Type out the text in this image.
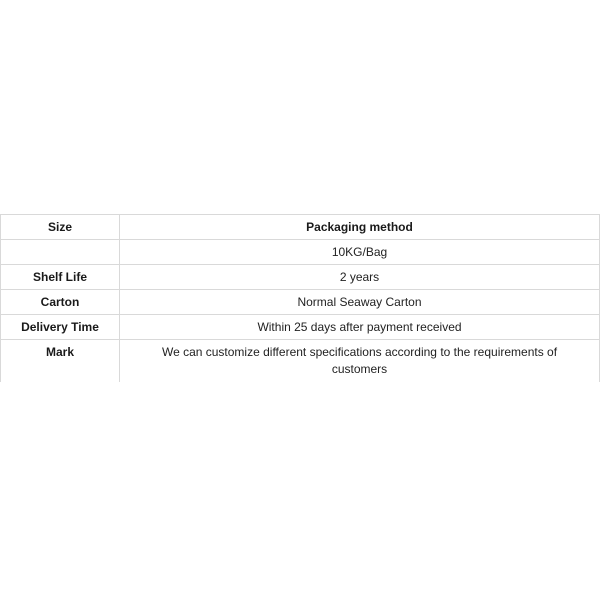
Size	Packaging method
	10KG/Bag
Shelf Life	2 years
Carton	Normal Seaway Carton
Delivery Time	Within 25 days after payment received
Mark	We can customize different specifications according to the requirements of customers
